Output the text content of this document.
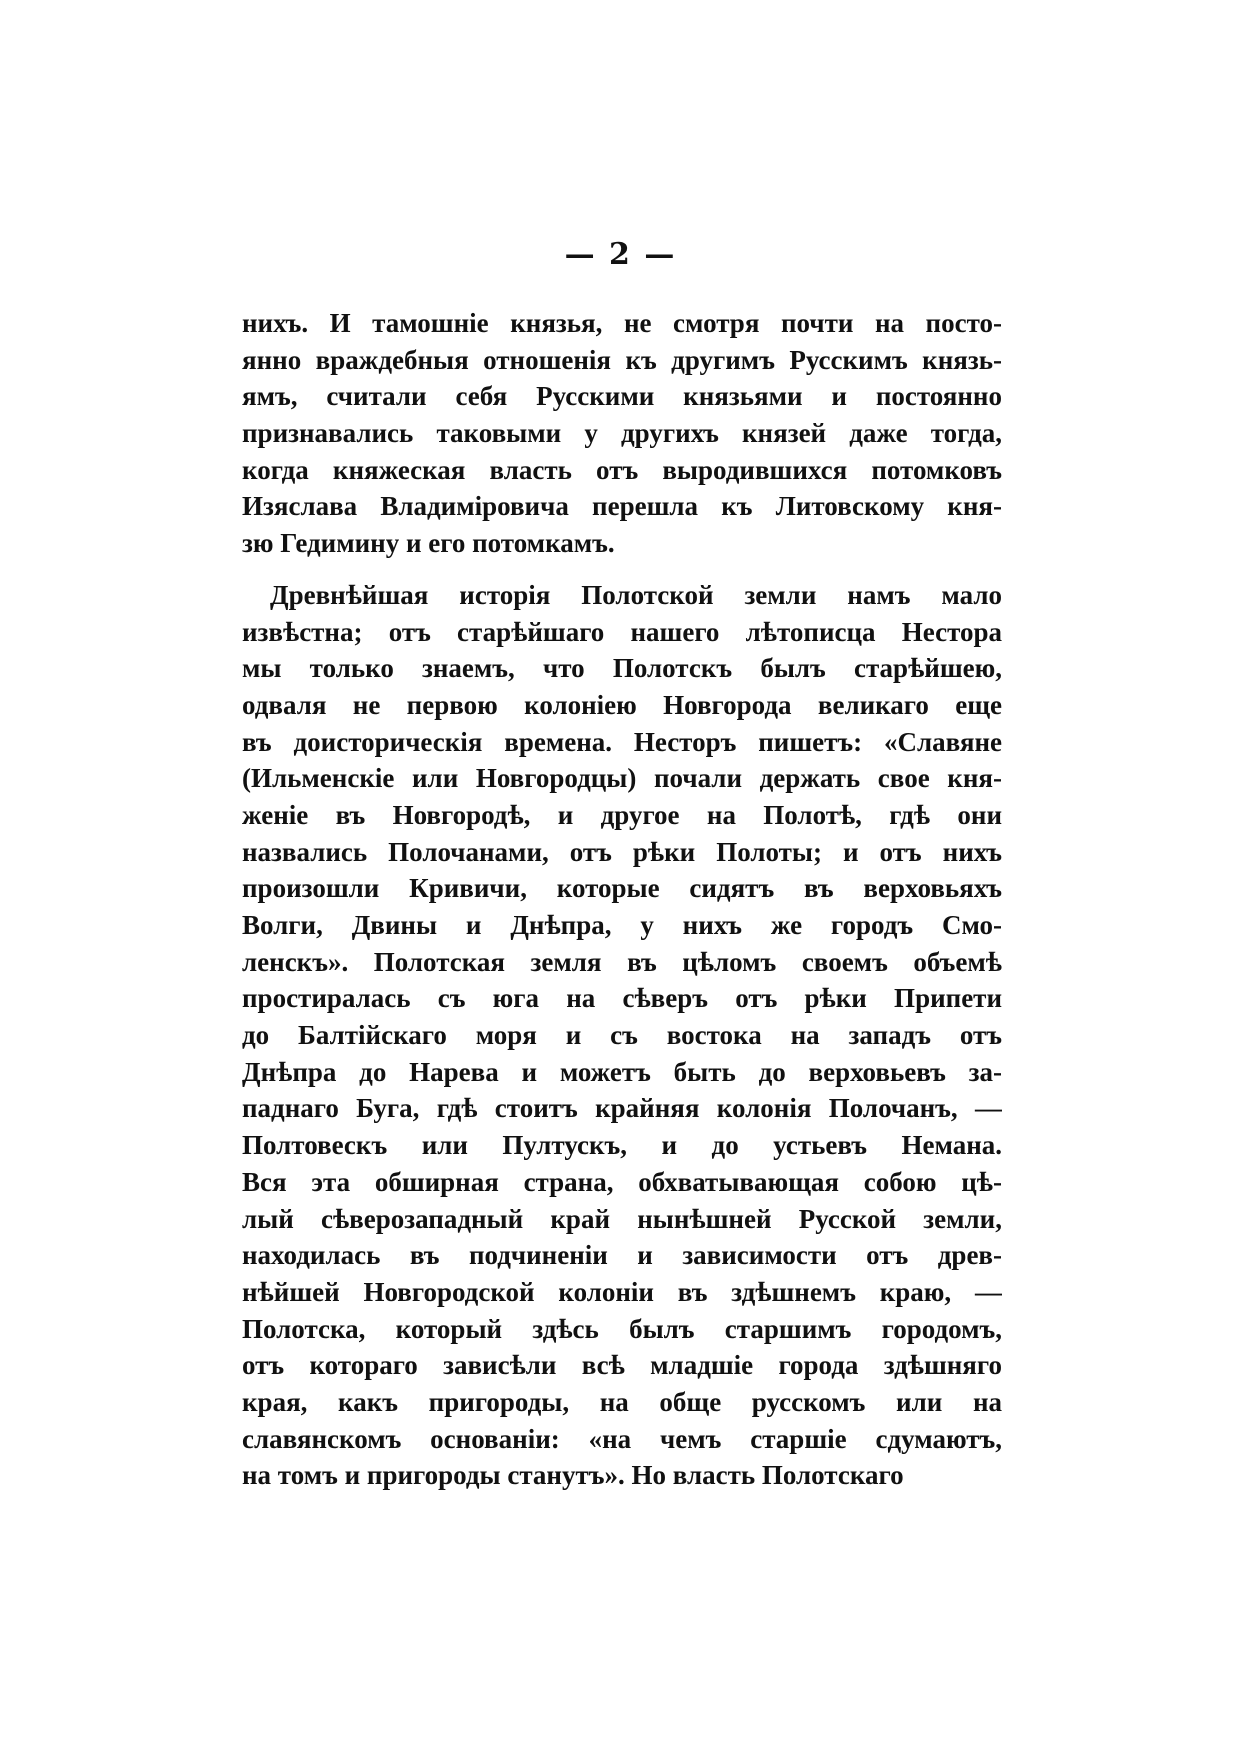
— 2 —
нихъ. И тамошніе князья, не смотря почти на посто-
янно враждебныя отношенія къ другимъ Русскимъ князь-
ямъ, считали себя Русскими князьями и постоянно
признавались таковыми у другихъ князей даже тогда,
когда княжеская власть отъ выродившихся потомковъ
Изяслава Владиміровича перешла къ Литовскому кня-
зю Гедимину и его потомкамъ.
Древнѣйшая исторія Полотской земли намъ мало
извѣстна; отъ старѣйшаго нашего лѣтописца Нестора
мы только знаемъ, что Полотскъ былъ старѣйшею,
одваля не первою колоніею Новгорода великаго еще
въ доисторическія времена. Несторъ пишетъ: «Славяне
(Ильменскіе или Новгородцы) почали держать свое кня-
женіе въ Новгородѣ, и другое на Полотѣ, гдѣ они
назвались Полочанами, отъ рѣки Полоты; и отъ нихъ
произошли Кривичи, которые сидятъ въ верховьяхъ
Волги, Двины и Днѣпра, у нихъ же городъ Смо-
ленскъ». Полотская земля въ цѣломъ своемъ объемѣ
простиралась съ юга на сѣверъ отъ рѣки Припети
до Балтійскаго моря и съ востока на западъ отъ
Днѣпра до Нарева и можетъ быть до верховьевъ за-
паднаго Буга, гдѣ стоитъ крайняя колонія Полочанъ, —
Полтовескъ или Пултускъ, и до устьевъ Немана.
Вся эта обширная страна, обхватывающая собою цѣ-
лый сѣверозападный край нынѣшней Русской земли,
находилась въ подчиненіи и зависимости отъ древ-
нѣйшей Новгородской колоніи въ здѣшнемъ краю, —
Полотска, который здѣсь былъ старшимъ городомъ,
отъ котораго зависѣли всѣ младшіе города здѣшняго
края, какъ пригороды, на обще русскомъ или на
славянскомъ основаніи: «на чемъ старшіе сдумаютъ,
на томъ и пригороды станутъ». Но власть Полотскаго
